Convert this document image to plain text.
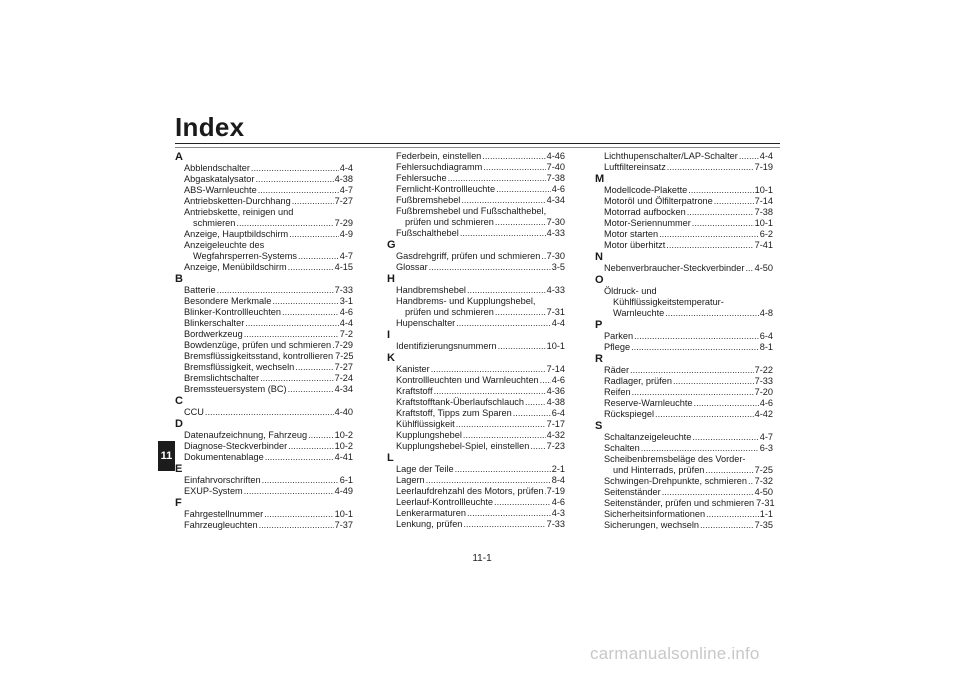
Index
A
Abblendschalter .....	4-4
Abgaskatalysator .....	4-38
ABS-Warnleuchte .....	4-7
Antriebsketten-Durchhang .....	7-27
Antriebskette, reinigen und
schmieren .....	7-29
Anzeige, Hauptbildschirm .....	4-9
Anzeigeleuchte des
Wegfahrsperren-Systems .....	4-7
Anzeige, Menübildschirm .....	4-15
B
Batterie .....	7-33
Besondere Merkmale .....	3-1
Blinker-Kontrollleuchten .....	4-6
Blinkerschalter .....	4-4
Bordwerkzeug .....	7-2
Bowdenzüge, prüfen und schmieren ..... 7-29
Bremsflüssigkeitsstand, kontrollieren 7-25
Bremsflüssigkeit, wechseln .....	7-27
Bremslichtschalter .....	7-24
Bremssteuersystem (BC) .....	4-34
C
CCU .....	4-40
D
Datenaufzeichnung, Fahrzeug .....	10-2
Diagnose-Steckverbinder .....	10-2
Dokumentenablage .....	4-41
E
Einfahrvorschriften .....	6-1
EXUP-System .....	4-49
F
Fahrgestellnummer .....	10-1
Fahrzeugleuchten .....	7-37
Federbein, einstellen .....	4-46
Fehlersuchdiagramm .....	7-40
Fehlersuche .....	7-38
Fernlicht-Kontrollleuchte .....	4-6
Fußbremshebel .....	4-34
Fußbremshebel und Fußschalthebel,
prüfen und schmieren .....	7-30
Fußschalthebel .....	4-33
G
Gasdrehgriff, prüfen und schmieren ..... 7-30
Glossar .....	3-5
H
Handbremshebel .....	4-33
Handbrems- und Kupplungshebel,
prüfen und schmieren .....	7-31
Hupenschalter .....	4-4
I
Identifizierungsnummern .....	10-1
K
Kanister .....	7-14
Kontrollleuchten und Warnleuchten ..... 4-6
Kraftstoff .....	4-36
Kraftstofftank-Überlaufschlauch ..... 4-38
Kraftstoff, Tipps zum Sparen .....	6-4
Kühlflüssigkeit .....	7-17
Kupplungshebel .....	4-32
Kupplungshebel-Spiel, einstellen ..... 7-23
L
Lage der Teile .....	2-1
Lagern .....	8-4
Leerlaufdrehzahl des Motors, prüfen ..... 7-19
Leerlauf-Kontrollleuchte .....	4-6
Lenkerarmaturen .....	4-3
Lenkung, prüfen .....	7-33
Lichthupenschalter/LAP-Schalter ..... 4-4
Luftfiltereinsatz .....	7-19
M
Modellcode-Plakette .....	10-1
Motoröl und Ölfilterpatrone .....	7-14
Motorrad aufbocken .....	7-38
Motor-Seriennummer .....	10-1
Motor starten .....	6-2
Motor überhitzt .....	7-41
N
Nebenverbraucher-Steckverbinder ..... 4-50
O
Öldruck- und
Kühlflüssigkeitstemperatur-
Warnleuchte .....	4-8
P
Parken .....	6-4
Pflege .....	8-1
R
Räder .....	7-22
Radlager, prüfen .....	7-33
Reifen .....	7-20
Reserve-Warnleuchte .....	4-6
Rückspiegel .....	4-42
S
Schaltanzeigeleuchte .....	4-7
Schalten .....	6-3
Scheibenbremsbeläge des Vorder-
und Hinterrads, prüfen .....	7-25
Schwingen-Drehpunkte, schmieren ..... 7-32
Seitenständer .....	4-50
Seitenständer, prüfen und schmieren 7-31
Sicherheitsinformationen .....	1-1
Sicherungen, wechseln .....	7-35
11
11-1
carmanualsonline.info
